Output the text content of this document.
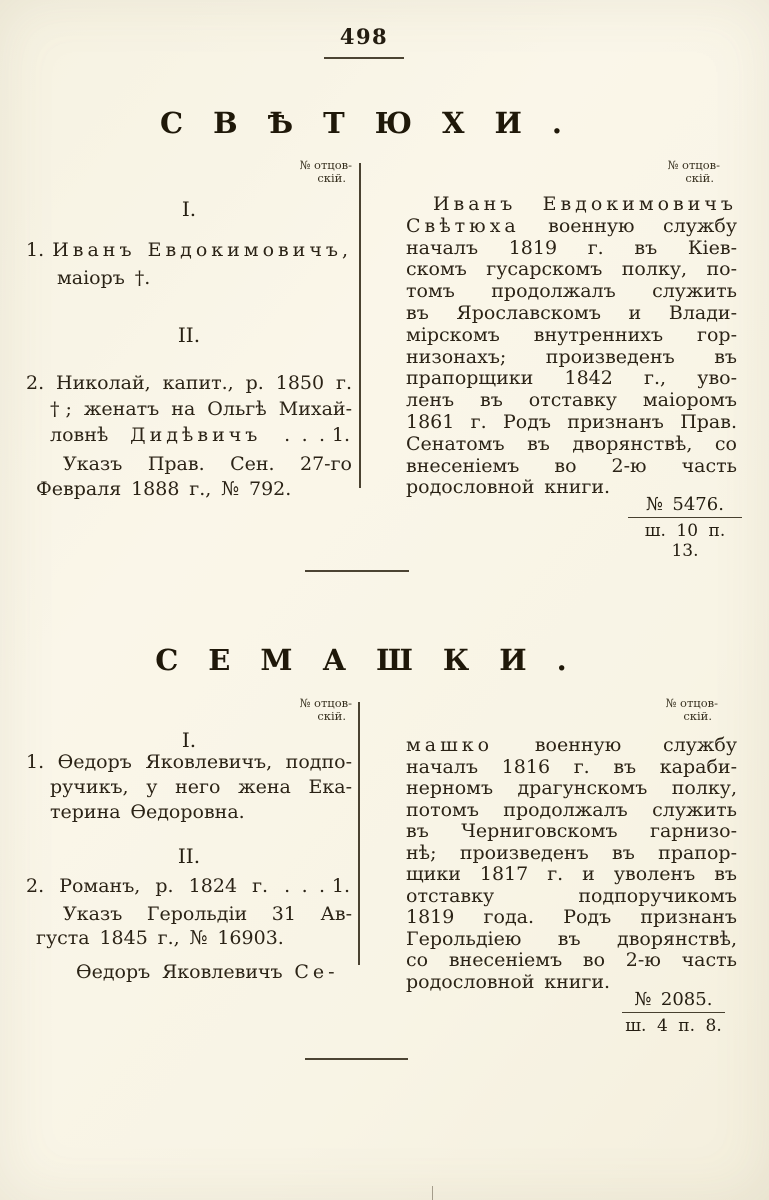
498
СВѢТЮХИ.
№ отцов-
скій.
№ отцов-
скій.
I.
1. Иванъ Евдокимовичъ,
маіоръ †.
II.
2. Николай, капит., р. 1850 г.
†; женатъ на Ольгѣ Михай-
ловнѣ Дидѣвичъ . . . 1.
Указъ Прав. Сен. 27-го
Февраля 1888 г., № 792.
Иванъ Евдокимовичъ
Свѣтюха военную службу
началъ 1819 г. въ Кіев-
скомъ гусарскомъ полку, по-
томъ продолжалъ служить
въ Ярославскомъ и Влади-
мірскомъ внутреннихъ гор-
низонахъ; произведенъ въ
прапорщики 1842 г., уво-
ленъ въ отставку маіоромъ
1861 г. Родъ признанъ Прав.
Сенатомъ въ дворянствѣ, со
внесеніемъ во 2-ю часть
родословной книги.
№ 5476.
ш. 10 п. 13.
СЕМАШКИ.
№ отцов-
скій.
№ отцов-
скій.
I.
1. Ѳедоръ Яковлевичъ, подпо-
ручикъ, у него жена Ека-
терина Ѳедоровна.
II.
2. Романъ, р. 1824 г. . . . 1.
Указъ Герольдіи 31 Ав-
густа 1845 г., № 16903.
Ѳедоръ Яковлевичъ Се-
машко военную службу
началъ 1816 г. въ караби-
нерномъ драгунскомъ полку,
потомъ продолжалъ служить
въ Черниговскомъ гарнизо-
нѣ; произведенъ въ прапор-
щики 1817 г. и уволенъ въ
отставку подпоручикомъ
1819 года. Родъ признанъ
Герольдіею въ дворянствѣ,
со внесеніемъ во 2-ю часть
родословной книги.
№ 2085.
ш. 4 п. 8.
